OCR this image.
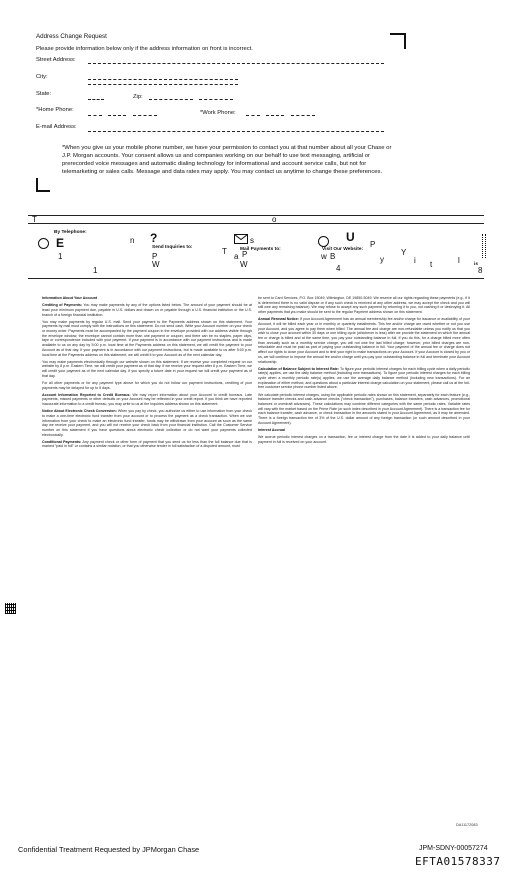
Address Change Request
Please provide information below only if the address information on front is incorrect.
Street Address:
City:
State:	Zip:
*Home Phone:	*Work Phone:
E-mail Address:
*When you give us your mobile phone number, we have your permission to contact you at that number about all your Chase or J.P. Morgan accounts. Your consent allows us and companies working on our behalf to use text messaging, artificial or prerecorded voice messages and automatic dialing technology for informational and account service calls, but not for telemarketing or sales calls. Message and data rates may apply. You may contact us anytime to change these preferences.
T	o
By Telephone:
E
1
1
n ?
Send Inquiries to:
P
W
T	Mail Payments to:
a P
W
s	U
Visit Our Website:
w B
4
P
y
Y
i t	l	is
8

Information About Your Account

Crediting of Payments: You may make payments by any of the options listed below. The amount of your payment should be at least your minimum payment due, payable in U.S. dollars and drawn on or payable through a U.S. financial institution or the U.S. branch of a foreign financial institution.

You may make payments by regular U.S. mail. Send your payment to the Payments address shown on this statement. Your payments by mail must comply with the instructions on this statement. Do not send cash. Write your Account number on your check or money order. Payments must be accompanied by the payment coupon in the envelope provided with our address visible through the envelope window; the envelope cannot contain more than one payment or coupon; and there can be no staples, paper clips, tape or correspondence included with your payment. If your payment is in accordance with our payment instructions and is made available to us on any day by 5:00 p.m. local time at the Payments address on this statement, we will credit the payment to your Account as of that day. If your payment is in accordance with our payment instructions, but is made available to us after 5:00 p.m. local time at the Payments address on this statement, we will credit it to your Account as of the next calendar day.

You may make payments electronically through our website shown on this statement. If we receive your completed request on our website by 8 p.m. Eastern Time, we will credit your payment as of that day. If we receive your request after 8 p.m. Eastern Time, we will credit your payment as of the next calendar day. If you specify a future date in your request we will credit your payment as of that day.

For all other payments or for any payment type above for which you do not follow our payment instructions, crediting of your payments may be delayed for up to 5 days.

Account Information Reported to Credit Bureaus: We may report information about your Account to credit bureaus. Late payments, missed payments or other defaults on your Account may be reflected in your credit report. If you think we have reported inaccurate information to a credit bureau, you may write to us at the Inquiries address shown on this statement.

Notice About Electronic Check Conversion: When you pay by check, you authorize us either to use information from your check to make a one-time electronic fund transfer from your account or to process the payment as a check transaction. When we use information from your check to make an electronic fund transfer, funds may be withdrawn from your account as soon as the same day we receive your payment, and you will not receive your check back from your financial institution. Call the Customer Service number on this statement if you have questions about electronic check collection or do not want your payments collected electronically.

Conditional Payments: Any payment check or other form of payment that you send us for less than the full balance due that is marked "paid in full" or contains a similar notation, or that you otherwise tender in full satisfaction of a disputed amount, must

be sent to Card Services, P.O. Box 15049, Wilmington, DE 19850-5049. We reserve all our rights regarding these payments (e.g., if it is determined there is no valid dispute or if any such check is received at any other address, we may accept the check and you will still owe any remaining balance). We may refuse to accept any such payment by returning it to you, not cashing it or destroying it. All other payments that you make should be sent to the regular Payment address shown on this statement.

Annual Renewal Notice: If your Account Agreement has an annual membership fee and/or charge for issuance or availability of your Account, it will be billed each year or in monthly or quarterly installments. This fee and/or charge are owed whether or not you use your Account, and you agree to pay them when billed. The annual fee and charge are non-refundable unless you notify us that you wish to close your account within 30 days or one billing cycle (whichever is less) after we provide the statement on which the annual fee or charge is billed and at the same time, you pay your outstanding balance in full. If you do this, for a charge billed more often than annually such as a monthly service charge, you will not owe the last billed charge; however, prior billed charges are non-refundable and must be paid as part of paying your outstanding balance in full. Your payment of the annual fee or charge does not affect our rights to close your Account and to limit your right to make transactions on your Account. If your Account is closed by you or us, we will continue to impose the annual fee and/or charge until you pay your outstanding balance in full and terminate your Account relationship.

Calculation of Balance Subject to Interest Rate: To figure your periodic interest charges for each billing cycle when a daily periodic rate(s) applies, we use the daily balance method (including new transactions). To figure your periodic interest charges for each billing cycle when a monthly periodic rate(s) applies, we use the average daily balance method (including new transactions). For an explanation of either method, and questions about a particular interest charge calculation on your statement, please call us at the toll-free customer service phone number listed above.

We calculate periodic interest charges, using the applicable periodic rates shown on this statement, separately for each feature (e.g., balance transfer checks and cash advance checks ("check transaction"), purchases, balance transfers, cash advances, promotional balances or overdraft advances). These calculations may combine different categories with the same periodic rates. Variable rates will vary with the market based on the Prime Rate (or such index described in your Account Agreement). There is a transaction fee for each balance transfer, cash advance, or check transaction in the amounts stated in your Account Agreement, as it may be amended. There is a foreign transaction fee of 3% of the U.S. dollar amount of any foreign transaction (or such amount described in your Account Agreement).

Interest Accrual

We accrue periodic interest charges on a transaction, fee or interest charge from the date it is added to your daily balance until payment in full is received on your account.

DA11172083
Confidential Treatment Requested by JPMorgan Chase	JPM-SDNY-00057274
EFTA01578337
